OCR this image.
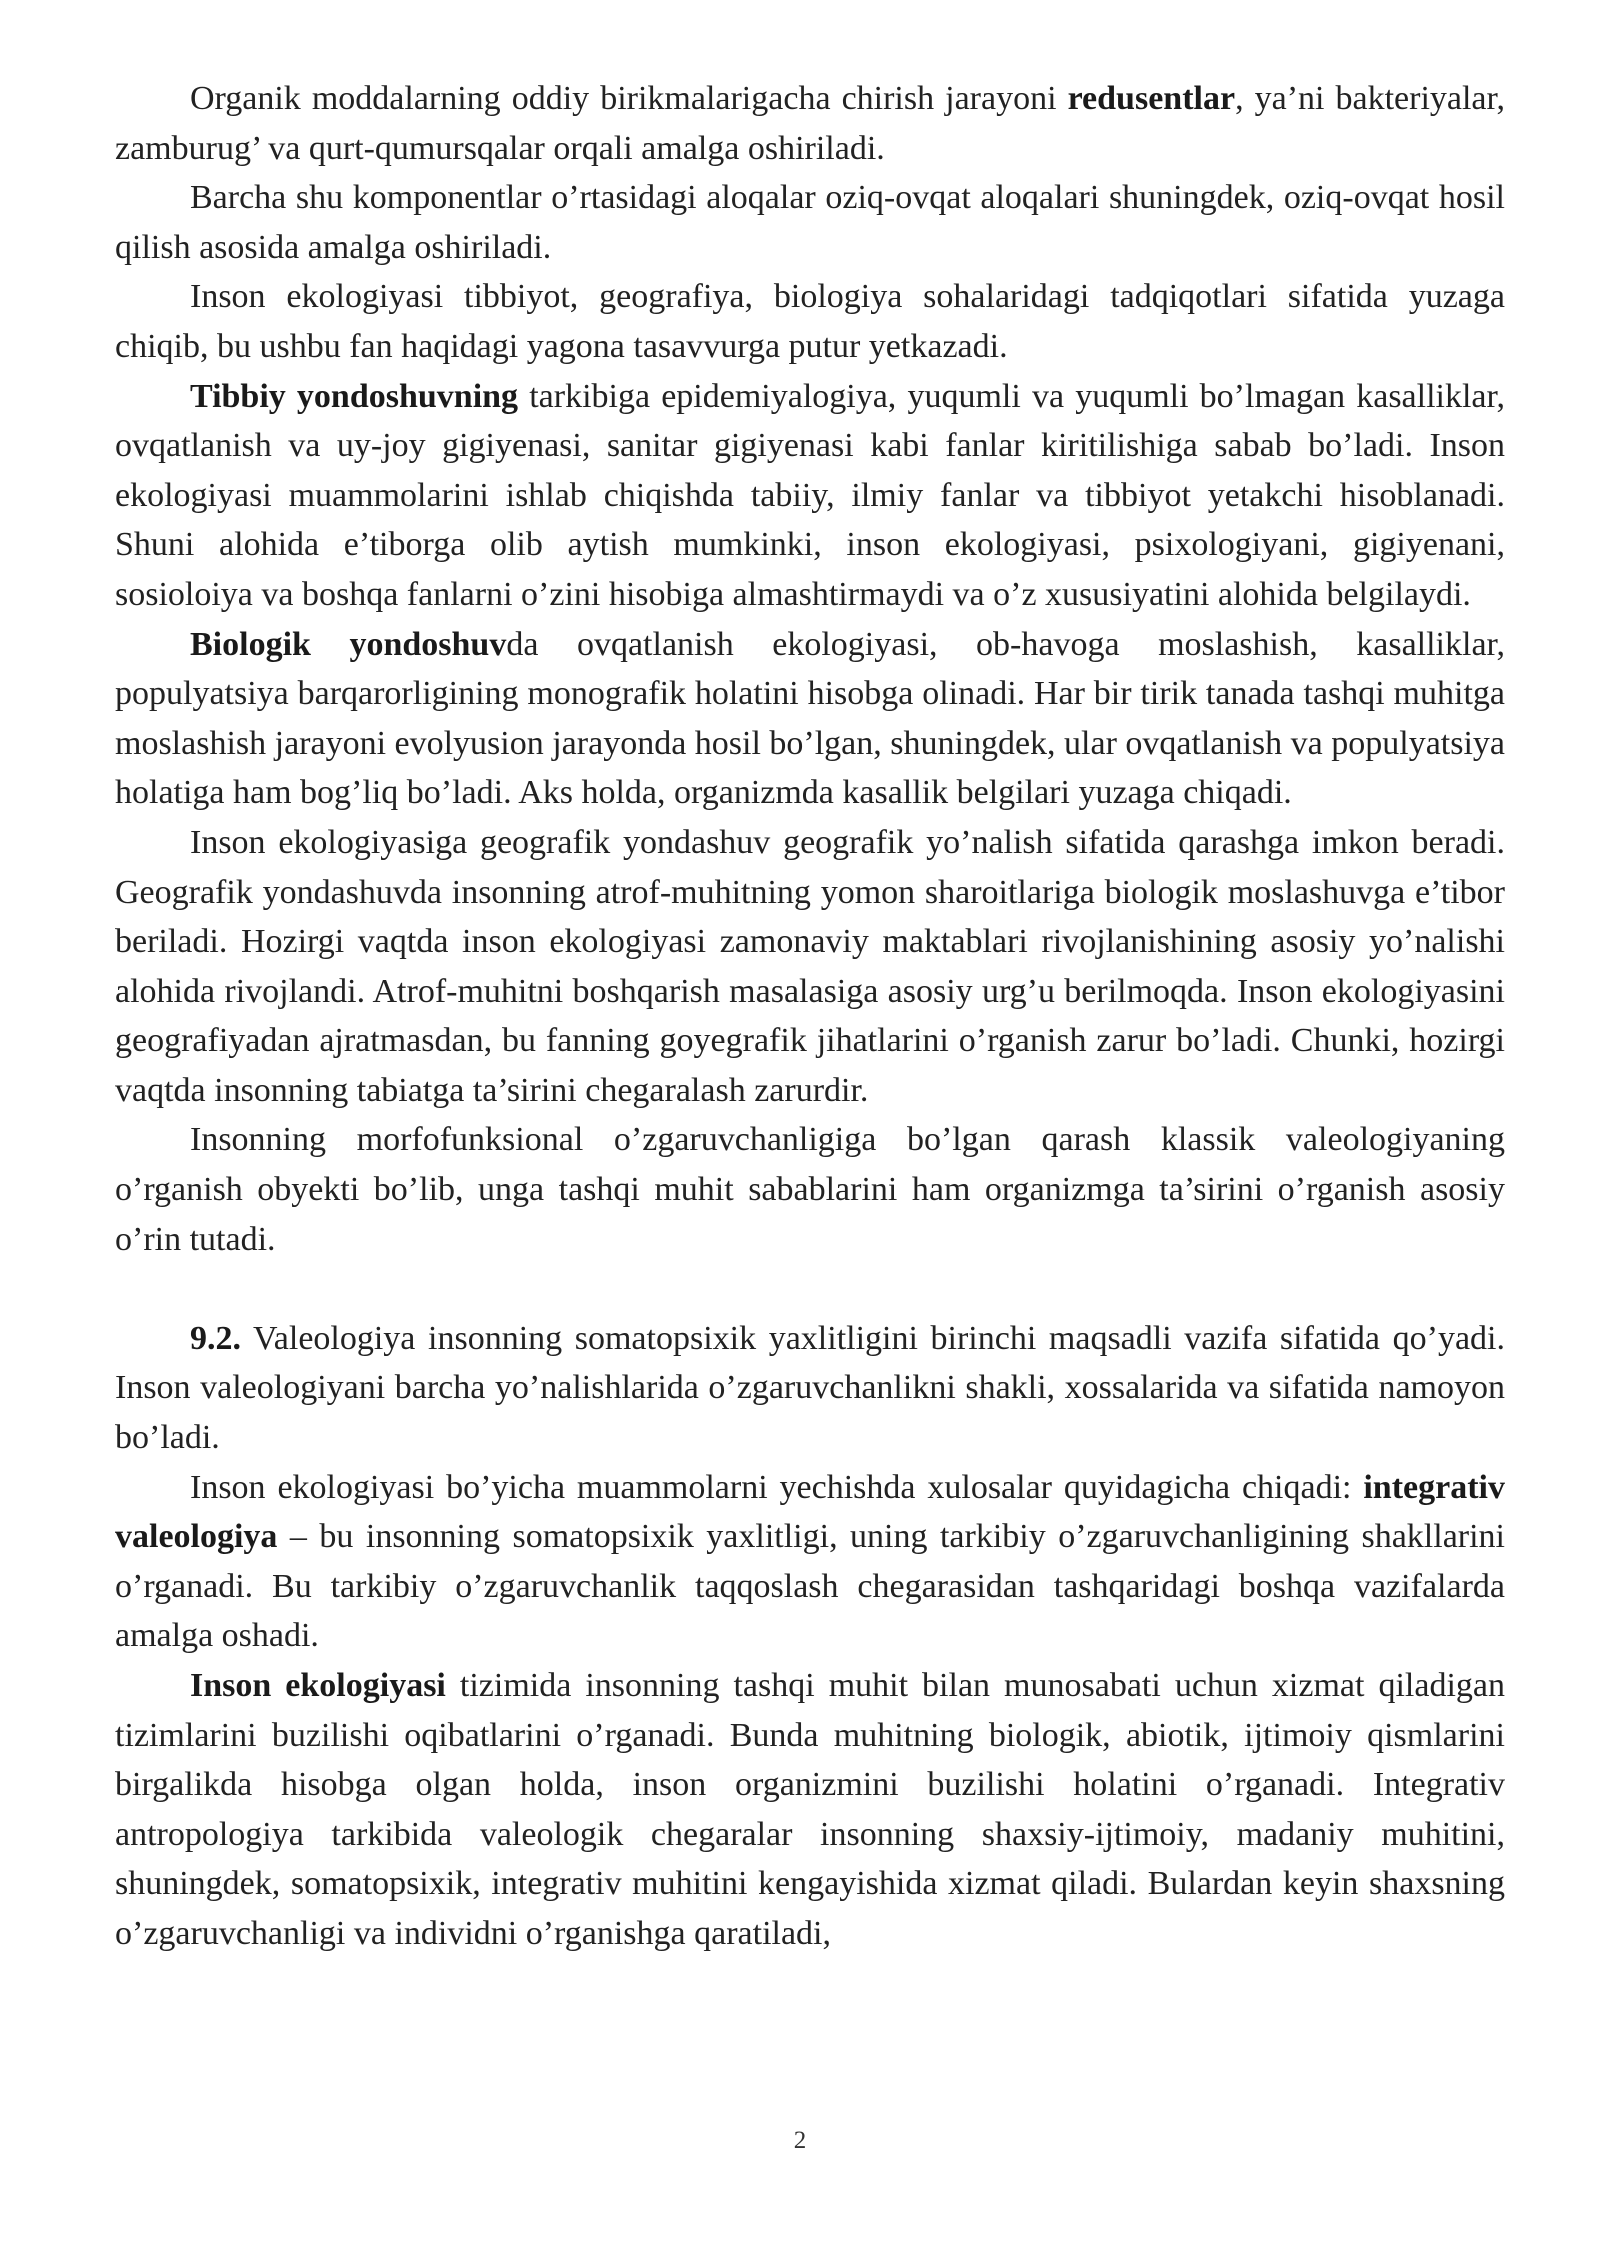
Organik moddalarning oddiy birikmalarigacha chirish jarayoni redusentlar, ya’ni bakteriyalar, zamburug’ va qurt-qumursqalar orqali amalga oshiriladi.

Barcha shu komponentlar o’rtasidagi aloqalar oziq-ovqat aloqalari shuningdek, oziq-ovqat hosil qilish asosida amalga oshiriladi.

Inson ekologiyasi tibbiyot, geografiya, biologiya sohalaridagi tadqiqotlari sifatida yuzaga chiqib, bu ushbu fan haqidagi yagona tasavvurga putur yetkazadi.

Tibbiy yondoshuvning tarkibiga epidemiyalogiya, yuqumli va yuqumli bo’lmagan kasalliklar, ovqatlanish va uy-joy gigiyenasi, sanitar gigiyenasi kabi fanlar kiritilishiga sabab bo’ladi. Inson ekologiyasi muammolarini ishlab chiqishda tabiiy, ilmiy fanlar va tibbiyot yetakchi hisoblanadi. Shuni alohida e’tiborga olib aytish mumkinki, inson ekologiyasi, psixologiyani, gigiyenani, sosioloiya va boshqa fanlarni o’zini hisobiga almashtirmaydi va o’z xususiyatini alohida belgilaydi.

Biologik yondoshuvda ovqatlanish ekologiyasi, ob-havoga moslashish, kasalliklar, populyatsiya barqarorligining monografik holatini hisobga olinadi. Har bir tirik tanada tashqi muhitga moslashish jarayoni evolyusion jarayonda hosil bo’lgan, shuningdek, ular ovqatlanish va populyatsiya holatiga ham bog’liq bo’ladi. Aks holda, organizmda kasallik belgilari yuzaga chiqadi.

Inson ekologiyasiga geografik yondashuv geografik yo’nalish sifatida qarashga imkon beradi. Geografik yondashuvda insonning atrof-muhitning yomon sharoitlariga biologik moslashuvga e’tibor beriladi. Hozirgi vaqtda inson ekologiyasi zamonaviy maktablari rivojlanishining asosiy yo’nalishi alohida rivojlandi. Atrof-muhitni boshqarish masalasiga asosiy urg’u berilmoqda. Inson ekologiyasini geografiyadan ajratmasdan, bu fanning goyegrafik jihatlarini o’rganish zarur bo’ladi. Chunki, hozirgi vaqtda insonning tabiatga ta’sirini chegaralash zarurdir.

Insonning morfofunksional o’zgaruvchanligiga bo’lgan qarash klassik valeologiyaning o’rganish obyekti bo’lib, unga tashqi muhit sabablarini ham organizmga ta’sirini o’rganish asosiy o’rin tutadi.

9.2. Valeologiya insonning somatopsixik yaxlitligini birinchi maqsadli vazifa sifatida qo’yadi. Inson valeologiyani barcha yo’nalishlarida o’zgaruvchanlikni shakli, xossalarida va sifatida namoyon bo’ladi.

Inson ekologiyasi bo’yicha muammolarni yechishda xulosalar quyidagicha chiqadi: integrativ valeologiya – bu insonning somatopsixik yaxlitligi, uning tarkibiy o’zgaruvchanligining shakllarini o’rganadi. Bu tarkibiy o’zgaruvchanlik taqqoslash chegarasidan tashqaridagi boshqa vazifalarda amalga oshadi.

Inson ekologiyasi tizimida insonning tashqi muhit bilan munosabati uchun xizmat qiladigan tizimlarini buzilishi oqibatlarini o’rganadi. Bunda muhitning biologik, abiotik, ijtimoiy qismlarini birgalikda hisobga olgan holda, inson organizmini buzilishi holatini o’rganadi. Integrativ antropologiya tarkibida valeologik chegaralar insonning shaxsiy-ijtimoiy, madaniy muhitini, shuningdek, somatopsixik, integrativ muhitini kengayishida xizmat qiladi. Bulardan keyin shaxsning o’zgaruvchanligi va individni o’rganishga qaratiladi,

2
